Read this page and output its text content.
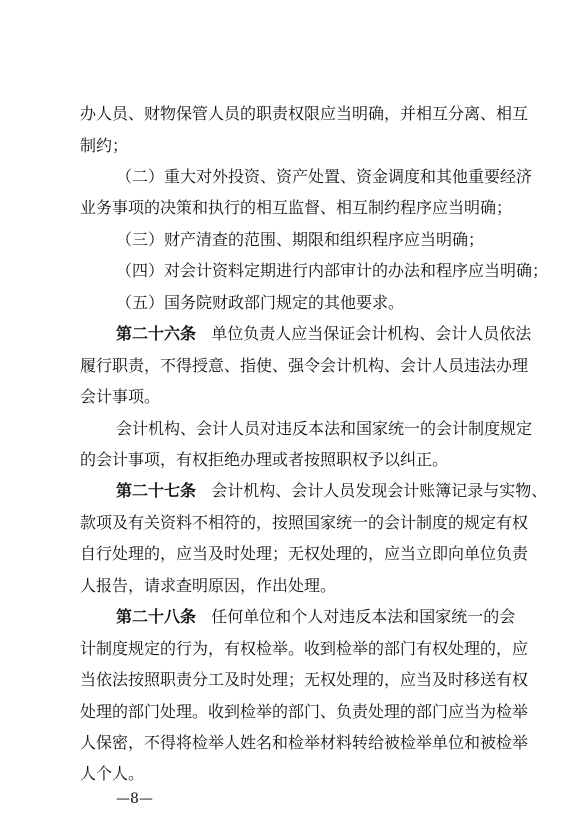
办人员、财物保管人员的职责权限应当明确，并相互分离、相互
制约；
（二）重大对外投资、资产处置、资金调度和其他重要经济
业务事项的决策和执行的相互监督、相互制约程序应当明确；
（三）财产清查的范围、期限和组织程序应当明确；
（四）对会计资料定期进行内部审计的办法和程序应当明确；
（五）国务院财政部门规定的其他要求。
第二十六条 单位负责人应当保证会计机构、会计人员依法
履行职责，不得授意、指使、强令会计机构、会计人员违法办理
会计事项。
会计机构、会计人员对违反本法和国家统一的会计制度规定
的会计事项，有权拒绝办理或者按照职权予以纠正。
第二十七条 会计机构、会计人员发现会计账簿记录与实物、
款项及有关资料不相符的，按照国家统一的会计制度的规定有权
自行处理的，应当及时处理；无权处理的，应当立即向单位负责
人报告，请求查明原因，作出处理。
第二十八条 任何单位和个人对违反本法和国家统一的会
计制度规定的行为，有权检举。收到检举的部门有权处理的，应
当依法按照职责分工及时处理；无权处理的，应当及时移送有权
处理的部门处理。收到检举的部门、负责处理的部门应当为检举
人保密，不得将检举人姓名和检举材料转给被检举单位和被检举
人个人。
—8—
